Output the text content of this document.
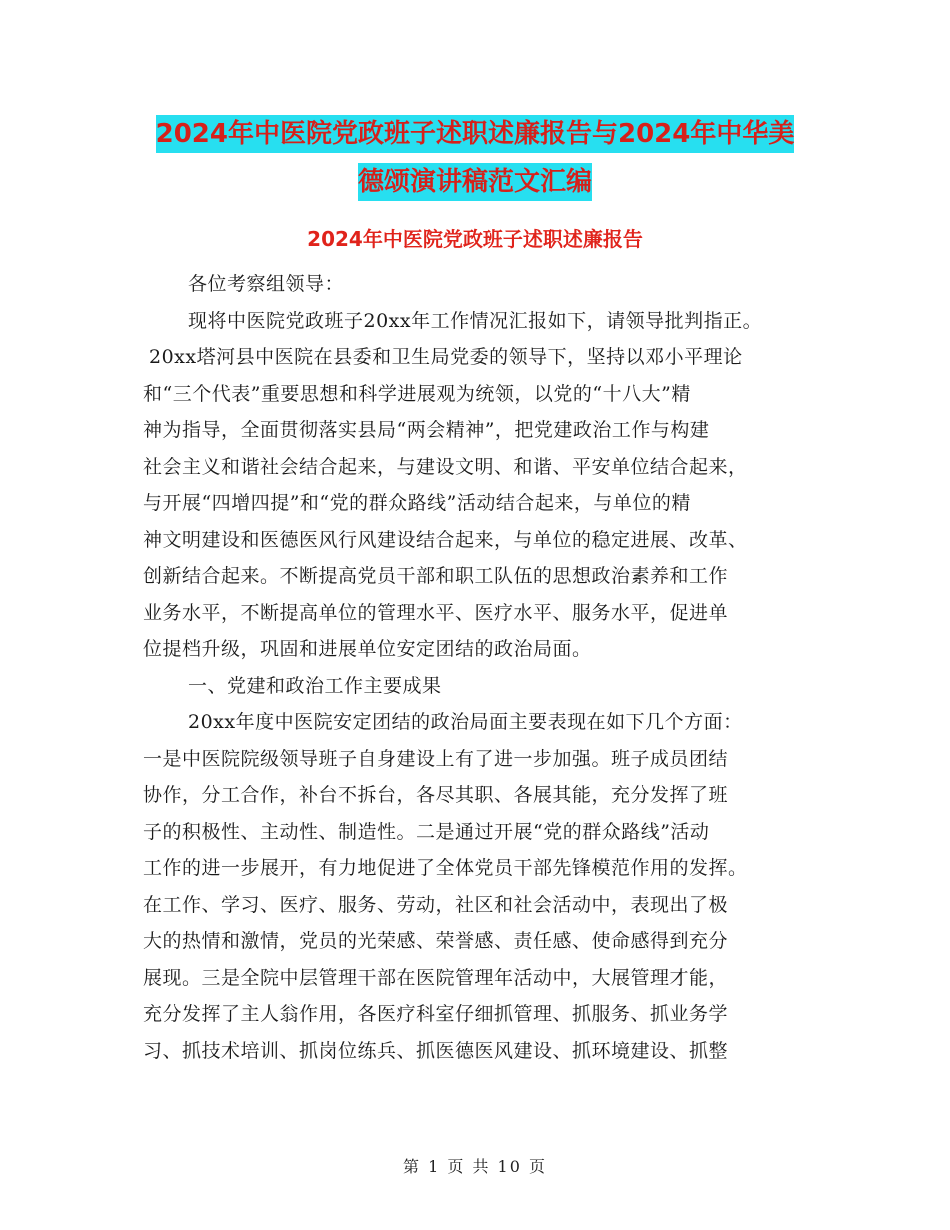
2024年中医院党政班子述职述廉报告与2024年中华美
德颂演讲稿范文汇编
2024年中医院党政班子述职述廉报告
各位考察组领导：
现将中医院党政班子20xx年工作情况汇报如下，请领导批判指正。
20xx塔河县中医院在县委和卫生局党委的领导下，坚持以邓小平理论
和“三个代表”重要思想和科学进展观为统领，以党的“十八大”精
神为指导，全面贯彻落实县局“两会精神”，把党建政治工作与构建
社会主义和谐社会结合起来，与建设文明、和谐、平安单位结合起来，
与开展“四增四提”和“党的群众路线”活动结合起来，与单位的精
神文明建设和医德医风行风建设结合起来，与单位的稳定进展、改革、
创新结合起来。不断提高党员干部和职工队伍的思想政治素养和工作
业务水平，不断提高单位的管理水平、医疗水平、服务水平，促进单
位提档升级，巩固和进展单位安定团结的政治局面。
一、党建和政治工作主要成果
20xx年度中医院安定团结的政治局面主要表现在如下几个方面：
一是中医院院级领导班子自身建设上有了进一步加强。班子成员团结
协作，分工合作，补台不拆台，各尽其职、各展其能，充分发挥了班
子的积极性、主动性、制造性。二是通过开展“党的群众路线”活动
工作的进一步展开，有力地促进了全体党员干部先锋模范作用的发挥。
在工作、学习、医疗、服务、劳动，社区和社会活动中，表现出了极
大的热情和激情，党员的光荣感、荣誉感、责任感、使命感得到充分
展现。三是全院中层管理干部在医院管理年活动中，大展管理才能，
充分发挥了主人翁作用，各医疗科室仔细抓管理、抓服务、抓业务学
习、抓技术培训、抓岗位练兵、抓医德医风建设、抓环境建设、抓整
第 1 页 共 10 页
